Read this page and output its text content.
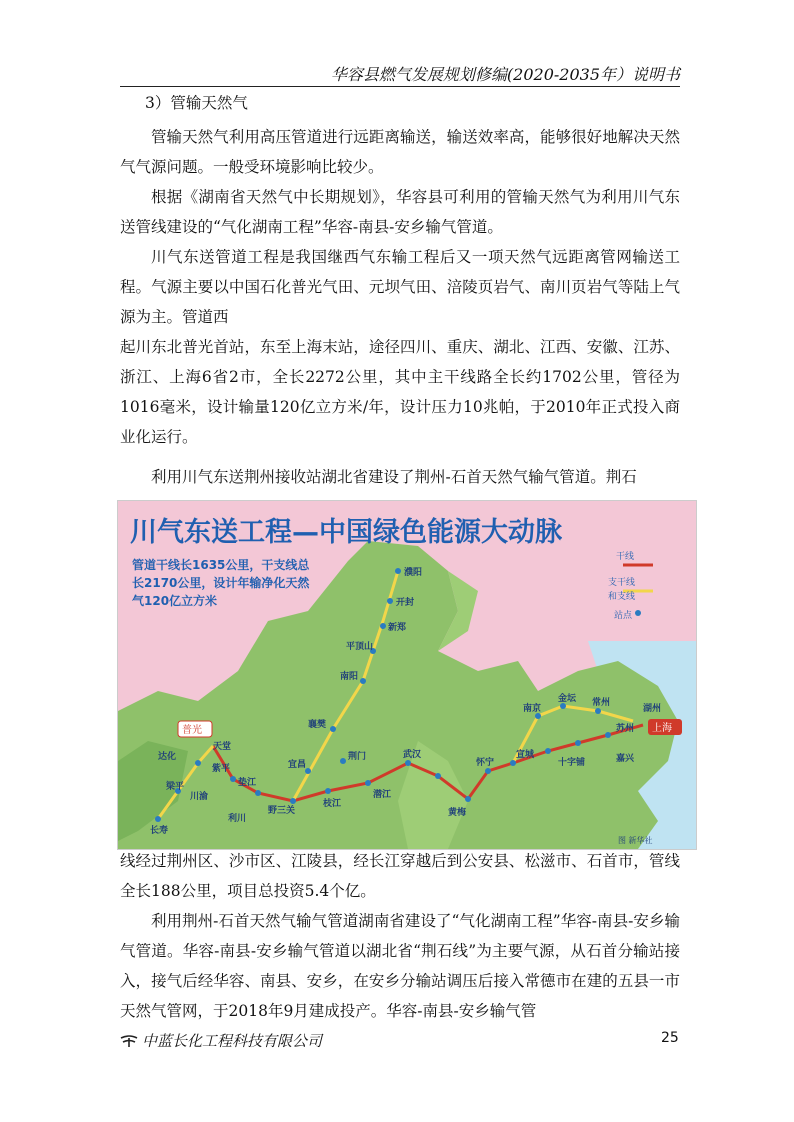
华容县燃气发展规划修编(2020-2035年）说明书
3）管输天然气

管输天然气利用高压管道进行远距离输送，输送效率高，能够很好地解决天然气气源问题。一般受环境影响比较少。

根据《湖南省天然气中长期规划》，华容县可利用的管输天然气为利用川气东送管线建设的“气化湖南工程”华容-南县-安乡输气管道。

川气东送管道工程是我国继西气东输工程后又一项天然气远距离管网输送工程。气源主要以中国石化普光气田、元坝气田、涪陵页岩气、南川页岩气等陆上气源为主。管道西

起川东北普光首站，东至上海末站，途径四川、重庆、湖北、江西、安徽、江苏、浙江、上海6省2市，全长2272公里，其中主干线路全长约1702公里，管径为1016毫米，设计输量120亿立方米/年，设计压力10兆帕，于2010年正式投入商业化运行。

利用川气东送荆州接收站湖北省建设了荆州-石首天然气输气管道。荆石

川气东送工程—中国绿色能源大动脉
管道干线长1635公里，干支线总
长2170公里，设计年输净化天然
气120亿立方米
干线
支干线
和支线
站点
普光	上海
濮阳
开封
新郑
平顶山
南阳
襄樊
荆门
宜昌
枝江
潜江
武汉
黄梅
怀宁
宣城
湖州
十字铺
南京
金坛 常州
苏州
嘉兴
达化
天堂
紫平
垫江
梁平
川渝
长寿
利川
野三关
图 新华社

线经过荆州区、沙市区、江陵县，经长江穿越后到公安县、松滋市、石首市，管线全长188公里，项目总投资5.4个亿。

利用荆州-石首天然气输气管道湖南省建设了“气化湖南工程”华容-南县-安乡输气管道。华容-南县-安乡输气管道以湖北省“荆石线”为主要气源，从石首分输站接入，接气后经华容、南县、安乡，在安乡分输站调压后接入常德市在建的五县一市天然气管网，于2018年9月建成投产。华容-南县-安乡输气管

中蓝长化工程科技有限公司	25
